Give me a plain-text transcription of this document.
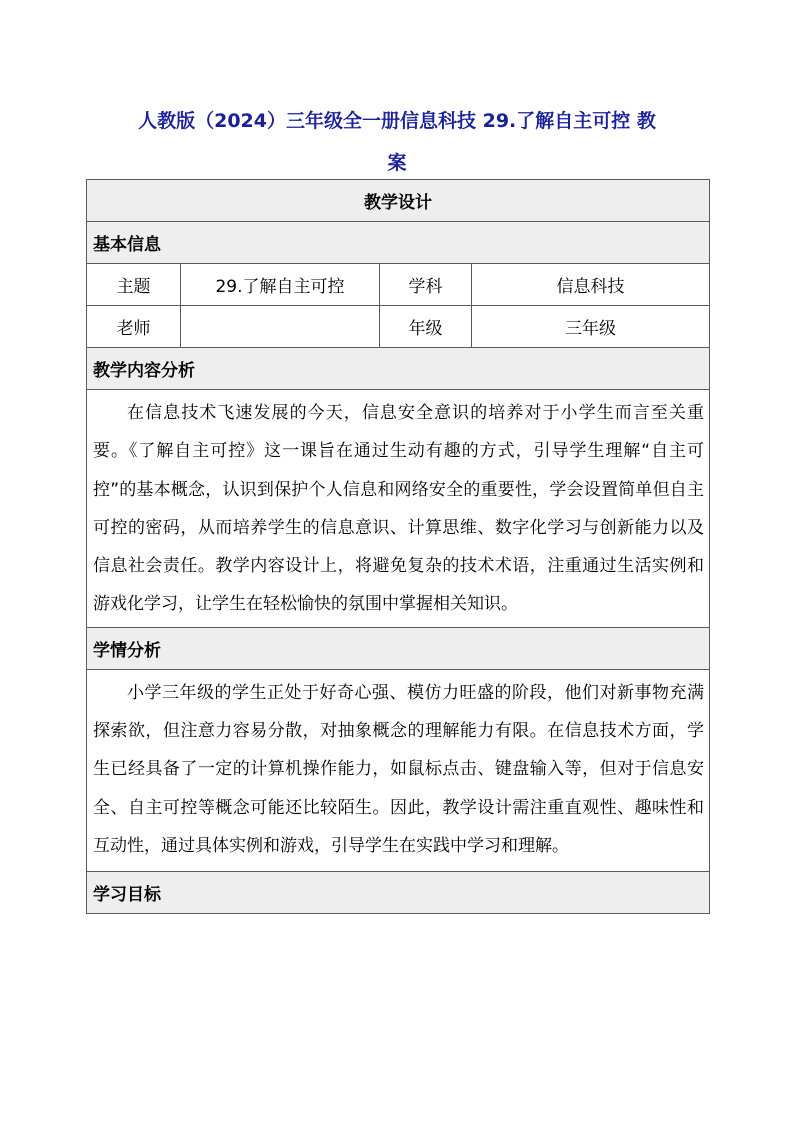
人教版（2024）三年级全一册信息科技 29.了解自主可控 教
案
教学设计			
基本信息			
主题	29.了解自主可控	学科	信息科技
老师		年级	三年级
教学内容分析			
在信息技术飞速发展的今天，信息安全意识的培养对于小学生而言至关重要。《了解自主可控》这一课旨在通过生动有趣的方式，引导学生理解“自主可控”的基本概念，认识到保护个人信息和网络安全的重要性，学会设置简单但自主可控的密码，从而培养学生的信息意识、计算思维、数字化学习与创新能力以及信息社会责任。教学内容设计上，将避免复杂的技术术语，注重通过生活实例和游戏化学习，让学生在轻松愉快的氛围中掌握相关知识。			
学情分析			
小学三年级的学生正处于好奇心强、模仿力旺盛的阶段，他们对新事物充满探索欲，但注意力容易分散，对抽象概念的理解能力有限。在信息技术方面，学生已经具备了一定的计算机操作能力，如鼠标点击、键盘输入等，但对于信息安全、自主可控等概念可能还比较陌生。因此，教学设计需注重直观性、趣味性和互动性，通过具体实例和游戏，引导学生在实践中学习和理解。			
学习目标			
